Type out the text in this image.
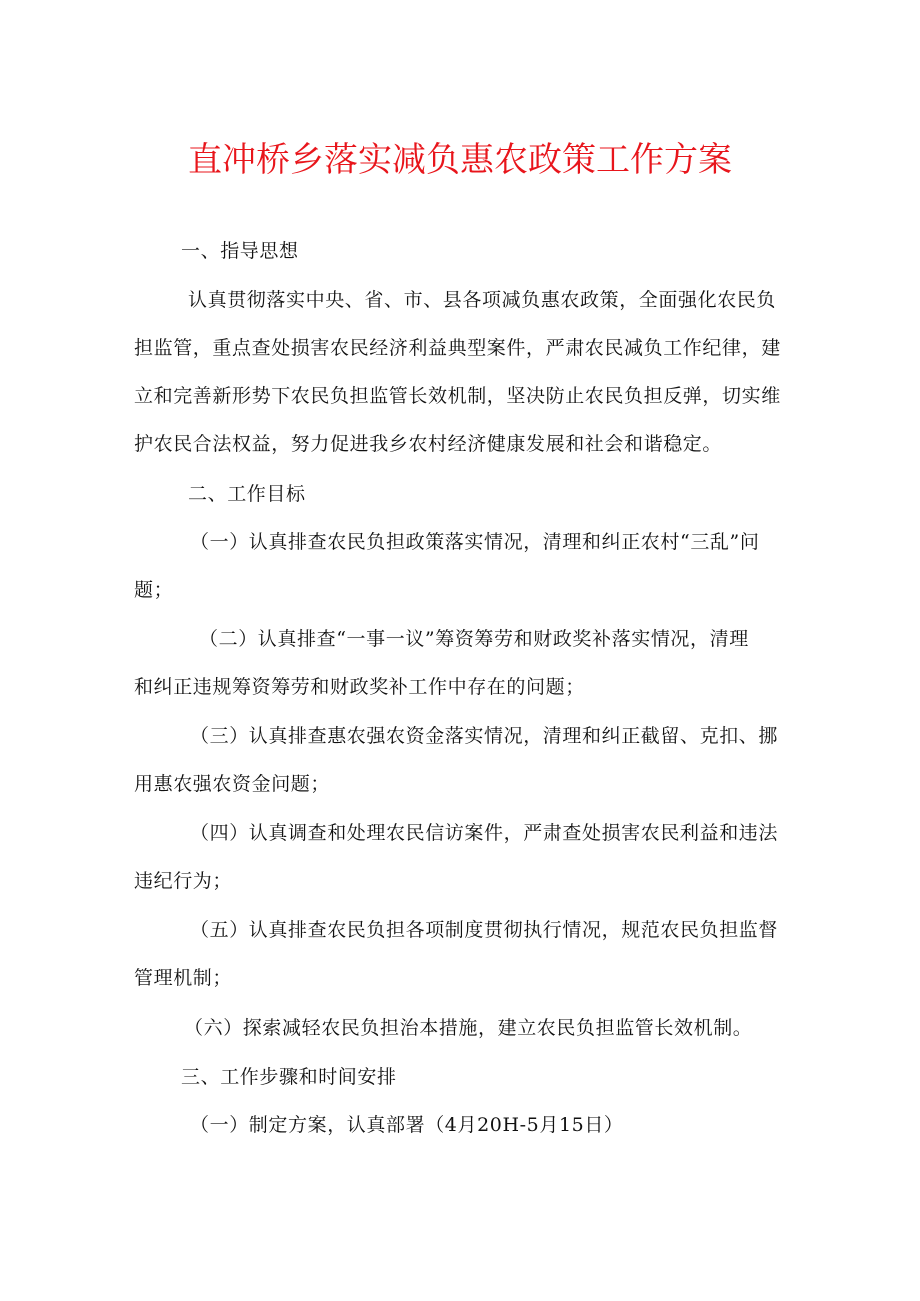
直冲桥乡落实减负惠农政策工作方案
一、指导思想
认真贯彻落实中央、省、市、县各项减负惠农政策，全面强化农民负
担监管，重点查处损害农民经济利益典型案件，严肃农民减负工作纪律，建
立和完善新形势下农民负担监管长效机制，坚决防止农民负担反弹，切实维
护农民合法权益，努力促进我乡农村经济健康发展和社会和谐稳定。
二、工作目标
（一）认真排查农民负担政策落实情况，清理和纠正农村“三乱”问
题；
（二）认真排查“一事一议”筹资筹劳和财政奖补落实情况，清理
和纠正违规筹资筹劳和财政奖补工作中存在的问题；
（三）认真排查惠农强农资金落实情况，清理和纠正截留、克扣、挪
用惠农强农资金问题；
（四）认真调查和处理农民信访案件，严肃查处损害农民利益和违法
违纪行为；
（五）认真排查农民负担各项制度贯彻执行情况，规范农民负担监督
管理机制；
（六）探索减轻农民负担治本措施，建立农民负担监管长效机制。
三、工作步骤和时间安排
（一）制定方案，认真部署（4月20H-5月15日）
